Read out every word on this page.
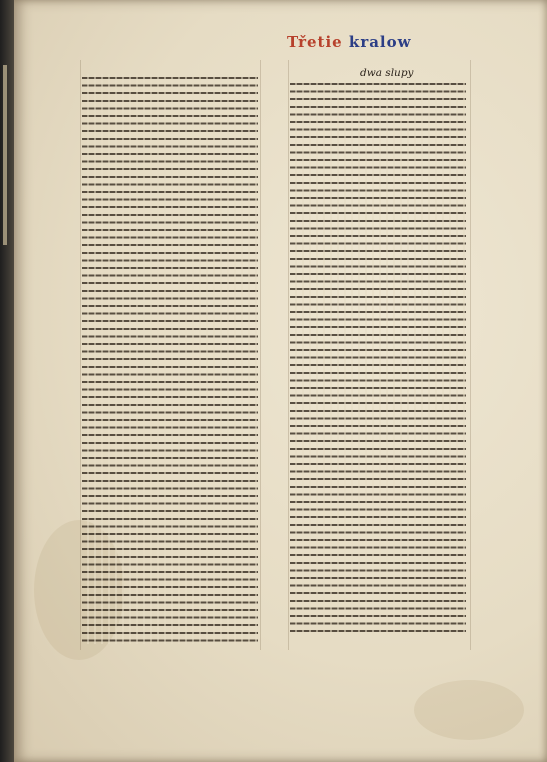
Třetie kralow
dwa slupy
